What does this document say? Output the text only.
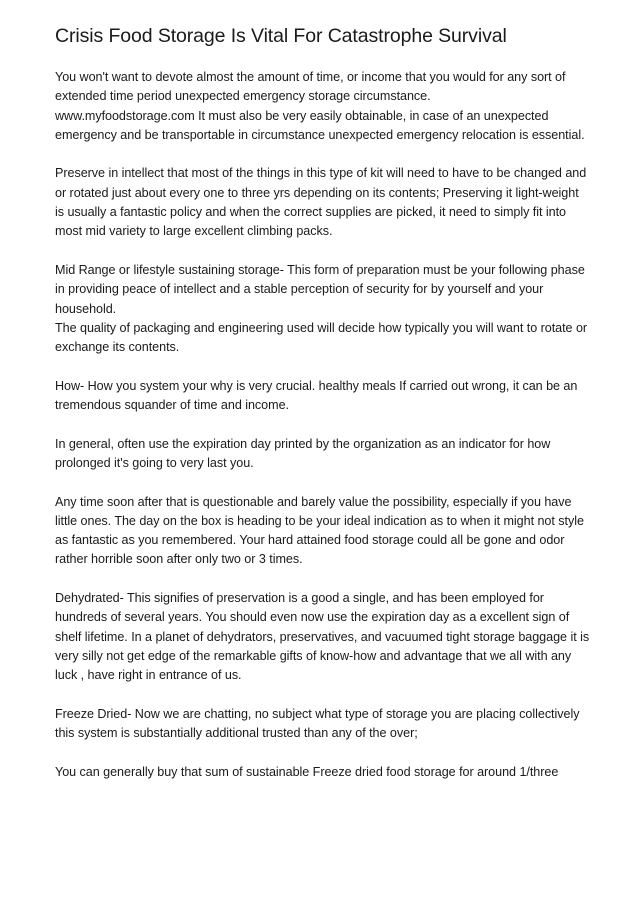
Crisis Food Storage Is Vital For Catastrophe Survival
You won't want to devote almost the amount of time, or income that you would for any sort of extended time period unexpected emergency storage circumstance.
www.myfoodstorage.com It must also be very easily obtainable, in case of an unexpected emergency and be transportable in circumstance unexpected emergency relocation is essential.
Preserve in intellect that most of the things in this type of kit will need to have to be changed and or rotated just about every one to three yrs depending on its contents; Preserving it light-weight is usually a fantastic policy and when the correct supplies are picked, it need to simply fit into most mid variety to large excellent climbing packs.
Mid Range or lifestyle sustaining storage- This form of preparation must be your following phase in providing peace of intellect and a stable perception of security for by yourself and your household.
The quality of packaging and engineering used will decide how typically you will want to rotate or exchange its contents.
How- How you system your why is very crucial. healthy meals If carried out wrong, it can be an tremendous squander of time and income.
In general, often use the expiration day printed by the organization as an indicator for how prolonged it's going to very last you.
Any time soon after that is questionable and barely value the possibility, especially if you have little ones. The day on the box is heading to be your ideal indication as to when it might not style as fantastic as you remembered. Your hard attained food storage could all be gone and odor rather horrible soon after only two or 3 times.
Dehydrated- This signifies of preservation is a good a single, and has been employed for hundreds of several years. You should even now use the expiration day as a excellent sign of shelf lifetime. In a planet of dehydrators, preservatives, and vacuumed tight storage baggage it is very silly not get edge of the remarkable gifts of know-how and advantage that we all with any luck , have right in entrance of us.
Freeze Dried- Now we are chatting, no subject what type of storage you are placing collectively this system is substantially additional trusted than any of the over;
You can generally buy that sum of sustainable Freeze dried food storage for around 1/three
